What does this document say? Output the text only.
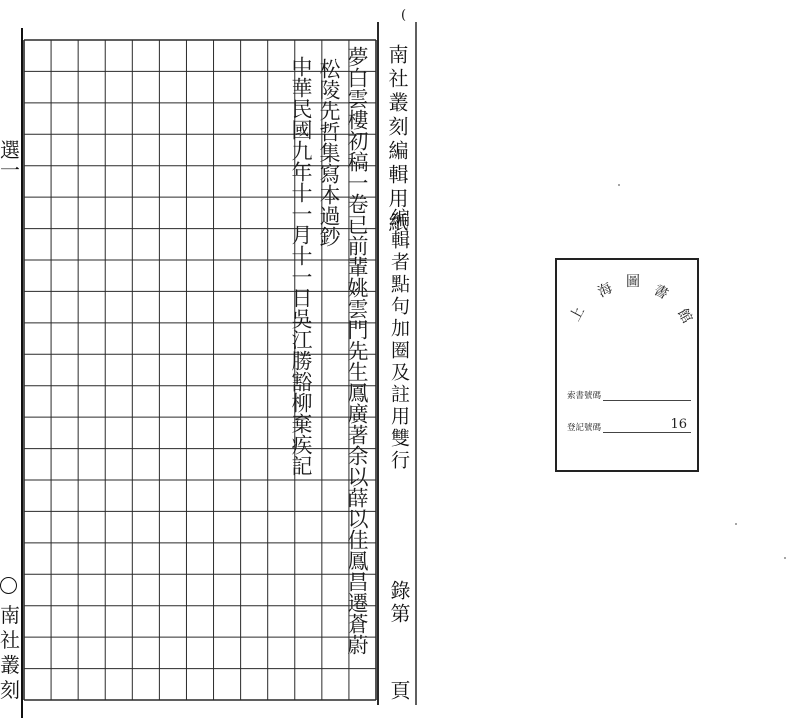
選
一
南
社
叢
刻
夢白雲樓初稿一卷已前輩姚雲門先生鳳廣著余以薛以佳鳳昌遷蒼蔚
松陵先哲集寫本過鈔
中華民國九年十一月十一日吳江勝豁柳棄疾記
(
南社叢刻編輯用紙
編輯者點句加圈及註用雙行
錄第
頁
上
海 圖
書
館
索書號碼
登記號碼	16
